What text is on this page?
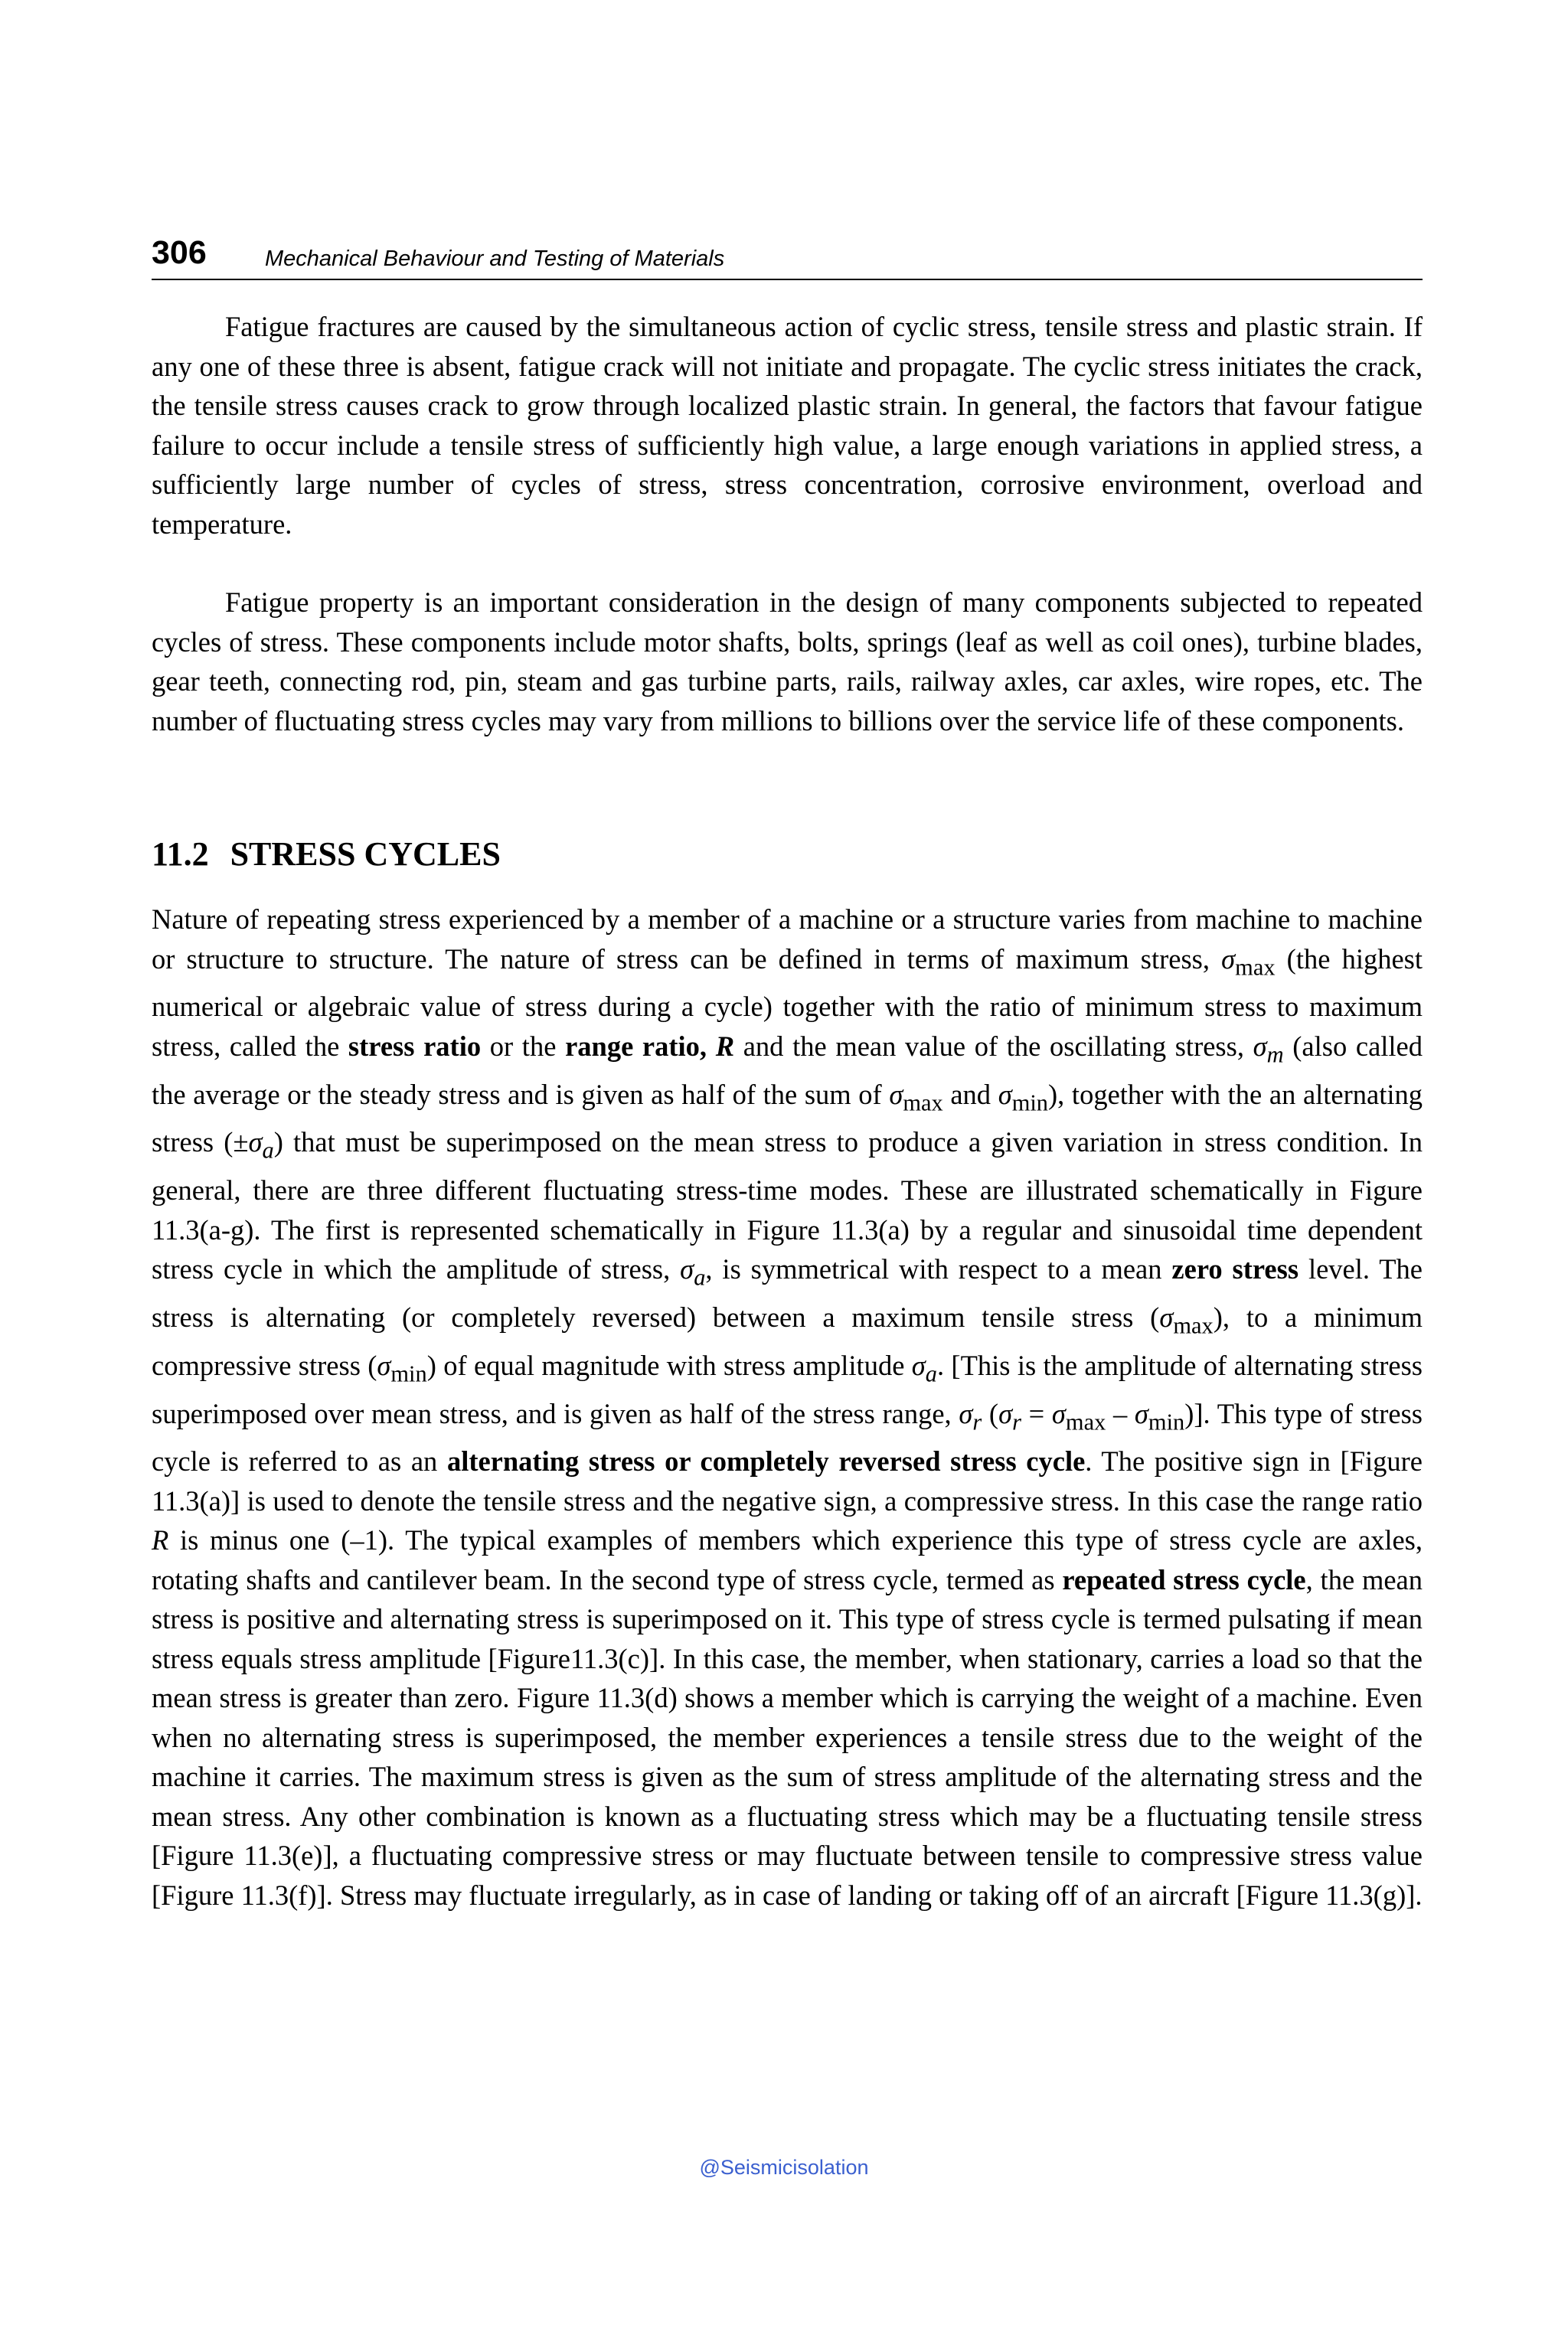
306	Mechanical Behaviour and Testing of Materials

Fatigue fractures are caused by the simultaneous action of cyclic stress, tensile stress and plastic strain. If any one of these three is absent, fatigue crack will not initiate and propagate. The cyclic stress initiates the crack, the tensile stress causes crack to grow through localized plastic strain. In general, the factors that favour fatigue failure to occur include a tensile stress of sufficiently high value, a large enough variations in applied stress, a sufficiently large number of cycles of stress, stress concentration, corrosive environment, overload and temperature.

Fatigue property is an important consideration in the design of many components subjected to repeated cycles of stress. These components include motor shafts, bolts, springs (leaf as well as coil ones), turbine blades, gear teeth, connecting rod, pin, steam and gas turbine parts, rails, railway axles, car axles, wire ropes, etc. The number of fluctuating stress cycles may vary from millions to billions over the service life of these components.

11.2 STRESS CYCLES

Nature of repeating stress experienced by a member of a machine or a structure varies from machine to machine or structure to structure. The nature of stress can be defined in terms of maximum stress, $\sigma_{max}$ (the highest numerical or algebraic value of stress during a cycle) together with the ratio of minimum stress to maximum stress, called the stress ratio or the range ratio, R and the mean value of the oscillating stress, $\sigma_m$ (also called the average or the steady stress and is given as half of the sum of $\sigma_{max}$ and $\sigma_{min}$), together with the an alternating stress $(\pm\sigma_a)$ that must be superimposed on the mean stress to produce a given variation in stress condition. In general, there are three different fluctuating stress-time modes. These are illustrated schematically in Figure 11.3(a-g). The first is represented schematically in Figure 11.3(a) by a regular and sinusoidal time dependent stress cycle in which the amplitude of stress, $\sigma_a$, is symmetrical with respect to a mean zero stress level. The stress is alternating (or completely reversed) between a maximum tensile stress $(\sigma_{max})$, to a minimum compressive stress $(\sigma_{min})$ of equal magnitude with stress amplitude $\sigma_a$. [This is the amplitude of alternating stress superimposed over mean stress, and is given as half of the stress range, $\sigma_r$ $(\sigma_r = \sigma_{max} - \sigma_{min})$]. This type of stress cycle is referred to as an alternating stress or completely reversed stress cycle. The positive sign in [Figure 11.3(a)] is used to denote the tensile stress and the negative sign, a compressive stress. In this case the range ratio R is minus one (–1). The typical examples of members which experience this type of stress cycle are axles, rotating shafts and cantilever beam. In the second type of stress cycle, termed as repeated stress cycle, the mean stress is positive and alternating stress is superimposed on it. This type of stress cycle is termed pulsating if mean stress equals stress amplitude [Figure11.3(c)]. In this case, the member, when stationary, carries a load so that the mean stress is greater than zero. Figure 11.3(d) shows a member which is carrying the weight of a machine. Even when no alternating stress is superimposed, the member experiences a tensile stress due to the weight of the machine it carries. The maximum stress is given as the sum of stress amplitude of the alternating stress and the mean stress. Any other combination is known as a fluctuating stress which may be a fluctuating tensile stress [Figure 11.3(e)], a fluctuating compressive stress or may fluctuate between tensile to compressive stress value [Figure 11.3(f)]. Stress may fluctuate irregularly, as in case of landing or taking off of an aircraft [Figure 11.3(g)].

@Seismicisolation
